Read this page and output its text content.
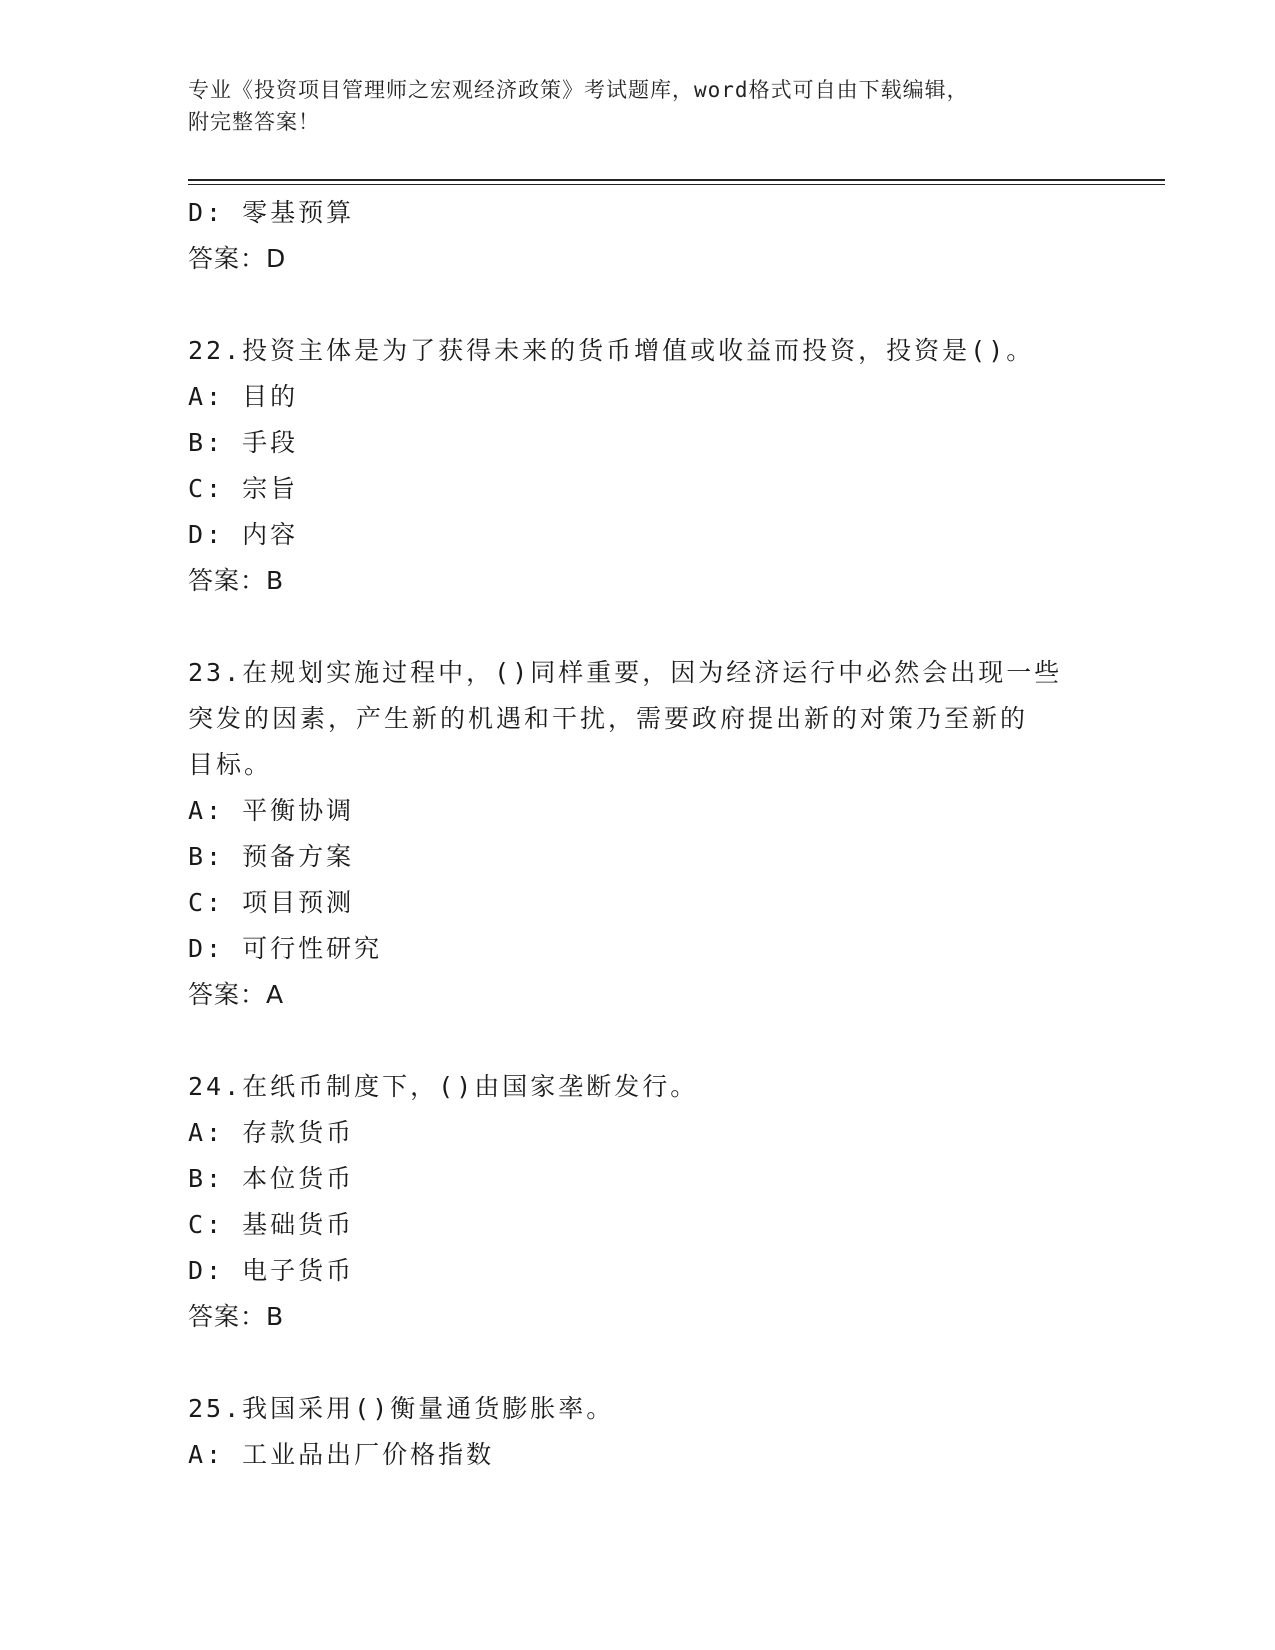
专业《投资项目管理师之宏观经济政策》考试题库，word格式可自由下载编辑，
附完整答案！
D: 零基预算
答案：D
22.投资主体是为了获得未来的货币增值或收益而投资，投资是()。
A: 目的
B: 手段
C: 宗旨
D: 内容
答案：B
23.在规划实施过程中，()同样重要，因为经济运行中必然会出现一些
突发的因素，产生新的机遇和干扰，需要政府提出新的对策乃至新的
目标。
A: 平衡协调
B: 预备方案
C: 项目预测
D: 可行性研究
答案：A
24.在纸币制度下，()由国家垄断发行。
A: 存款货币
B: 本位货币
C: 基础货币
D: 电子货币
答案：B
25.我国采用()衡量通货膨胀率。
A: 工业品出厂价格指数
